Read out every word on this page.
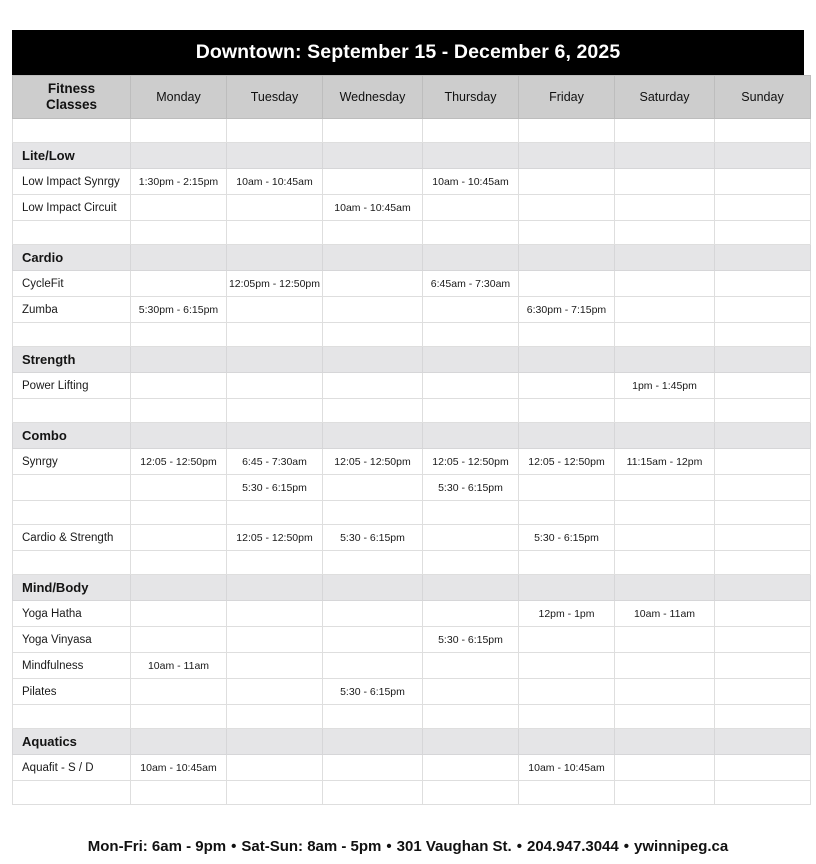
Downtown: September 15 - December 6, 2025
Fitness
Classes	Monday	Tuesday	Wednesday	Thursday	Friday	Saturday	Sunday

Lite/Low							
Low Impact Synrgy	1:30pm - 2:15pm	10am - 10:45am		10am - 10:45am			
Low Impact Circuit			10am - 10:45am				

Cardio							
CycleFit		12:05pm - 12:50pm		6:45am - 7:30am			
Zumba	5:30pm - 6:15pm				6:30pm - 7:15pm		

Strength							
Power Lifting						1pm - 1:45pm	

Combo							
Synrgy	12:05 - 12:50pm	6:45 - 7:30am	12:05 - 12:50pm	12:05 - 12:50pm	12:05 - 12:50pm	11:15am - 12pm	
		5:30 - 6:15pm		5:30 - 6:15pm			

Cardio & Strength		12:05 - 12:50pm	5:30 - 6:15pm		5:30 - 6:15pm		

Mind/Body							
Yoga Hatha					12pm - 1pm	10am - 11am	
Yoga Vinyasa				5:30 - 6:15pm			
Mindfulness	10am - 11am						
Pilates			5:30 - 6:15pm				

Aquatics							
Aquafit - S / D	10am - 10:45am				10am - 10:45am		

Mon-Fri: 6am - 9pm • Sat-Sun: 8am - 5pm • 301 Vaughan St. • 204.947.3044 • ywinnipeg.ca
